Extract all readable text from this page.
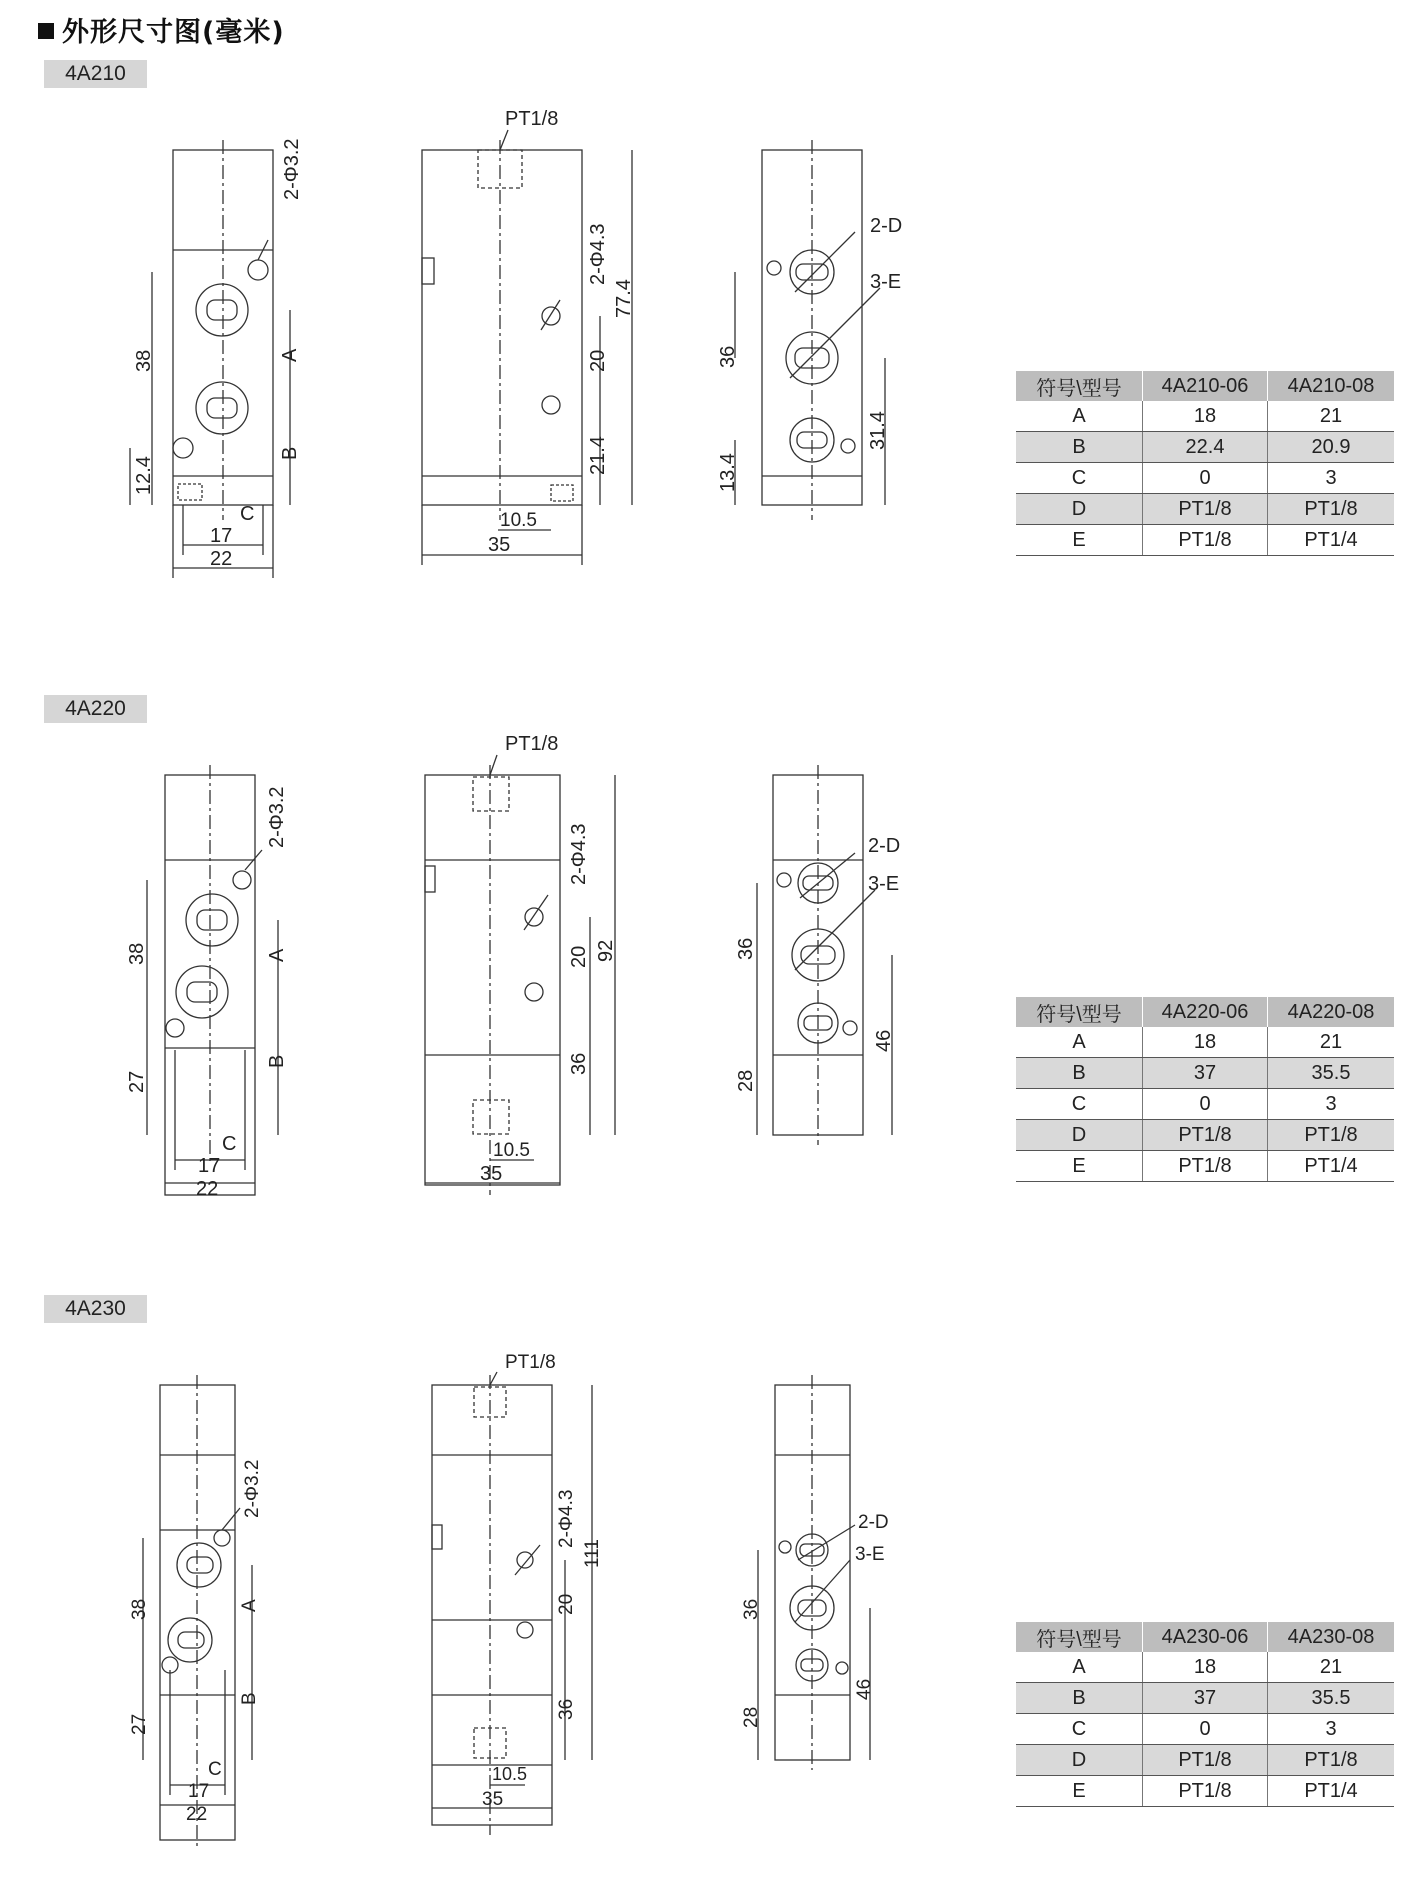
外形尺寸图(毫米)
4A210
2-Φ3.2
38
12.4
A
B
C
17
22
PT1/8
2-Φ4.3
20
21.4
77.4
10.5
35
2-D
3-E
36
13.4
31.4
符号\型号	4A210-06	4A210-08
A	18	21
B	22.4	20.9
C	0	3
D	PT1/8	PT1/8
E	PT1/8	PT1/4
4A220
2-Φ3.2
38
27
A
B
C
17
22
PT1/8
2-Φ4.3
20
36
92
10.5
35
2-D
3-E
36
28
46
符号\型号	4A220-06	4A220-08
A	18	21
B	37	35.5
C	0	3
D	PT1/8	PT1/8
E	PT1/8	PT1/4
4A230
2-Φ3.2
38
27
A
B
C
17
22
PT1/8
2-Φ4.3
20
36
111
10.5
35
2-D
3-E
36
28
46
符号\型号	4A230-06	4A230-08
A	18	21
B	37	35.5
C	0	3
D	PT1/8	PT1/8
E	PT1/8	PT1/4
